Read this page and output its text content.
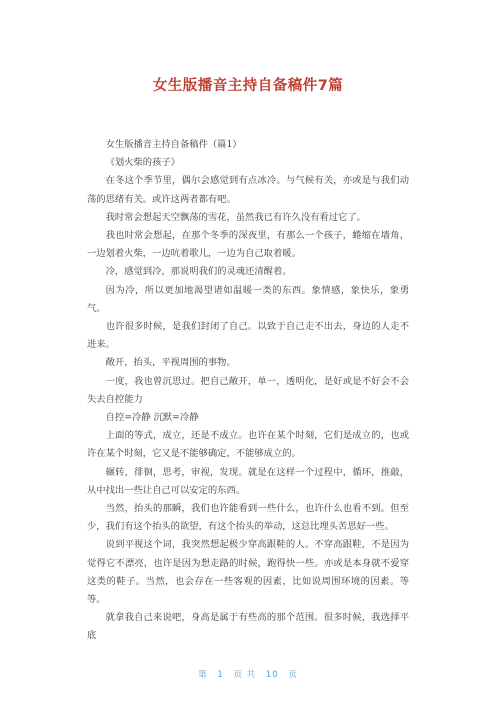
女生版播音主持自备稿件7篇

女生版播音主持自备稿件（篇1）

《划火柴的孩子》

在冬这个季节里，偶尔会感觉到有点冰冷。与气候有关，亦或是与我们动荡的思绪有关。或许这两者都有吧。

我时常会想起天空飘荡的雪花，虽然我已有许久没有看过它了。

我也时常会想起，在那个冬季的深夜里，有那么一个孩子，蜷缩在墙角，一边划着火柴，一边吭着歌儿，一边为自己取着暖。

冷，感觉到冷，那说明我们的灵魂还清醒着。

因为冷，所以更加地渴望诸如温暖一类的东西。象情感，象快乐，象勇气。

也许很多时候，是我们封闭了自己。以致于自己走不出去，身边的人走不进来。

敞开，抬头，平视周围的事物。

一度，我也曾沉思过。把自己敞开，单一，透明化，是好或是不好会不会失去自控能力

自控=冷静 沉默=冷静

上面的等式，成立，还是不成立。也许在某个时刻，它们是成立的，也或许在某个时刻，它又是不能够确定，不能够成立的。

辗转，徘徊，思考，审视，发现。就是在这样一个过程中，循环，推敲，从中找出一些让自己可以安定的东西。

当然，抬头的那瞬，我们也许能看到一些什么，也许什么也看不到。但至少，我们有这个抬头的欲望，有这个抬头的举动，这总比埋头苦思好一些。

说到平视这个词，我突然想起极少穿高跟鞋的人。不穿高跟鞋，不是因为觉得它不漂亮，也许是因为想走路的时候，跑得快一些。亦或是本身就不爱穿这类的鞋子。当然，也会存在一些客观的因素，比如说周围环境的因素。等等。

就拿我自己来说吧，身高是属于有些高的那个范围。很多时候，我选择平底

第 1 页 共 10 页
